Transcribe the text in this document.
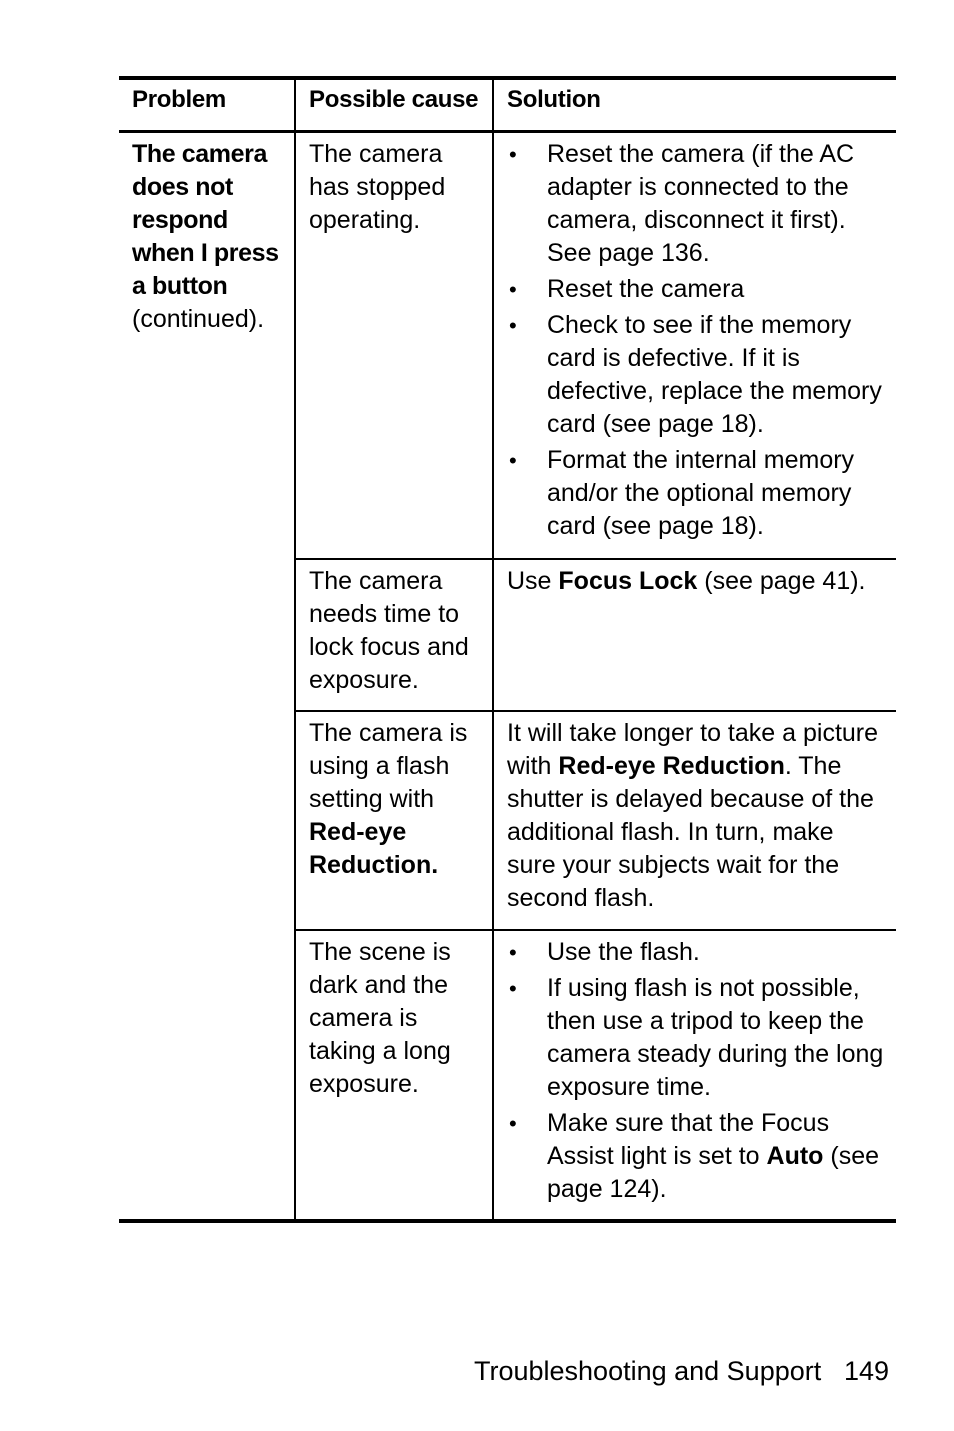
Problem	Possible cause	Solution
The camera does not respond when I press a button (continued).
The camera has stopped operating.
• Reset the camera (if the AC adapter is connected to the camera, disconnect it first). See page 136.
• Reset the camera
• Check to see if the memory card is defective. If it is defective, replace the memory card (see page 18).
• Format the internal memory and/or the optional memory card (see page 18).
The camera needs time to lock focus and exposure.
Use Focus Lock (see page 41).
The camera is using a flash setting with Red-eye Reduction.
It will take longer to take a picture with Red-eye Reduction. The shutter is delayed because of the additional flash. In turn, make sure your subjects wait for the second flash.
The scene is dark and the camera is taking a long exposure.
• Use the flash.
• If using flash is not possible, then use a tripod to keep the camera steady during the long exposure time.
• Make sure that the Focus Assist light is set to Auto (see page 124).
Troubleshooting and Support 149
